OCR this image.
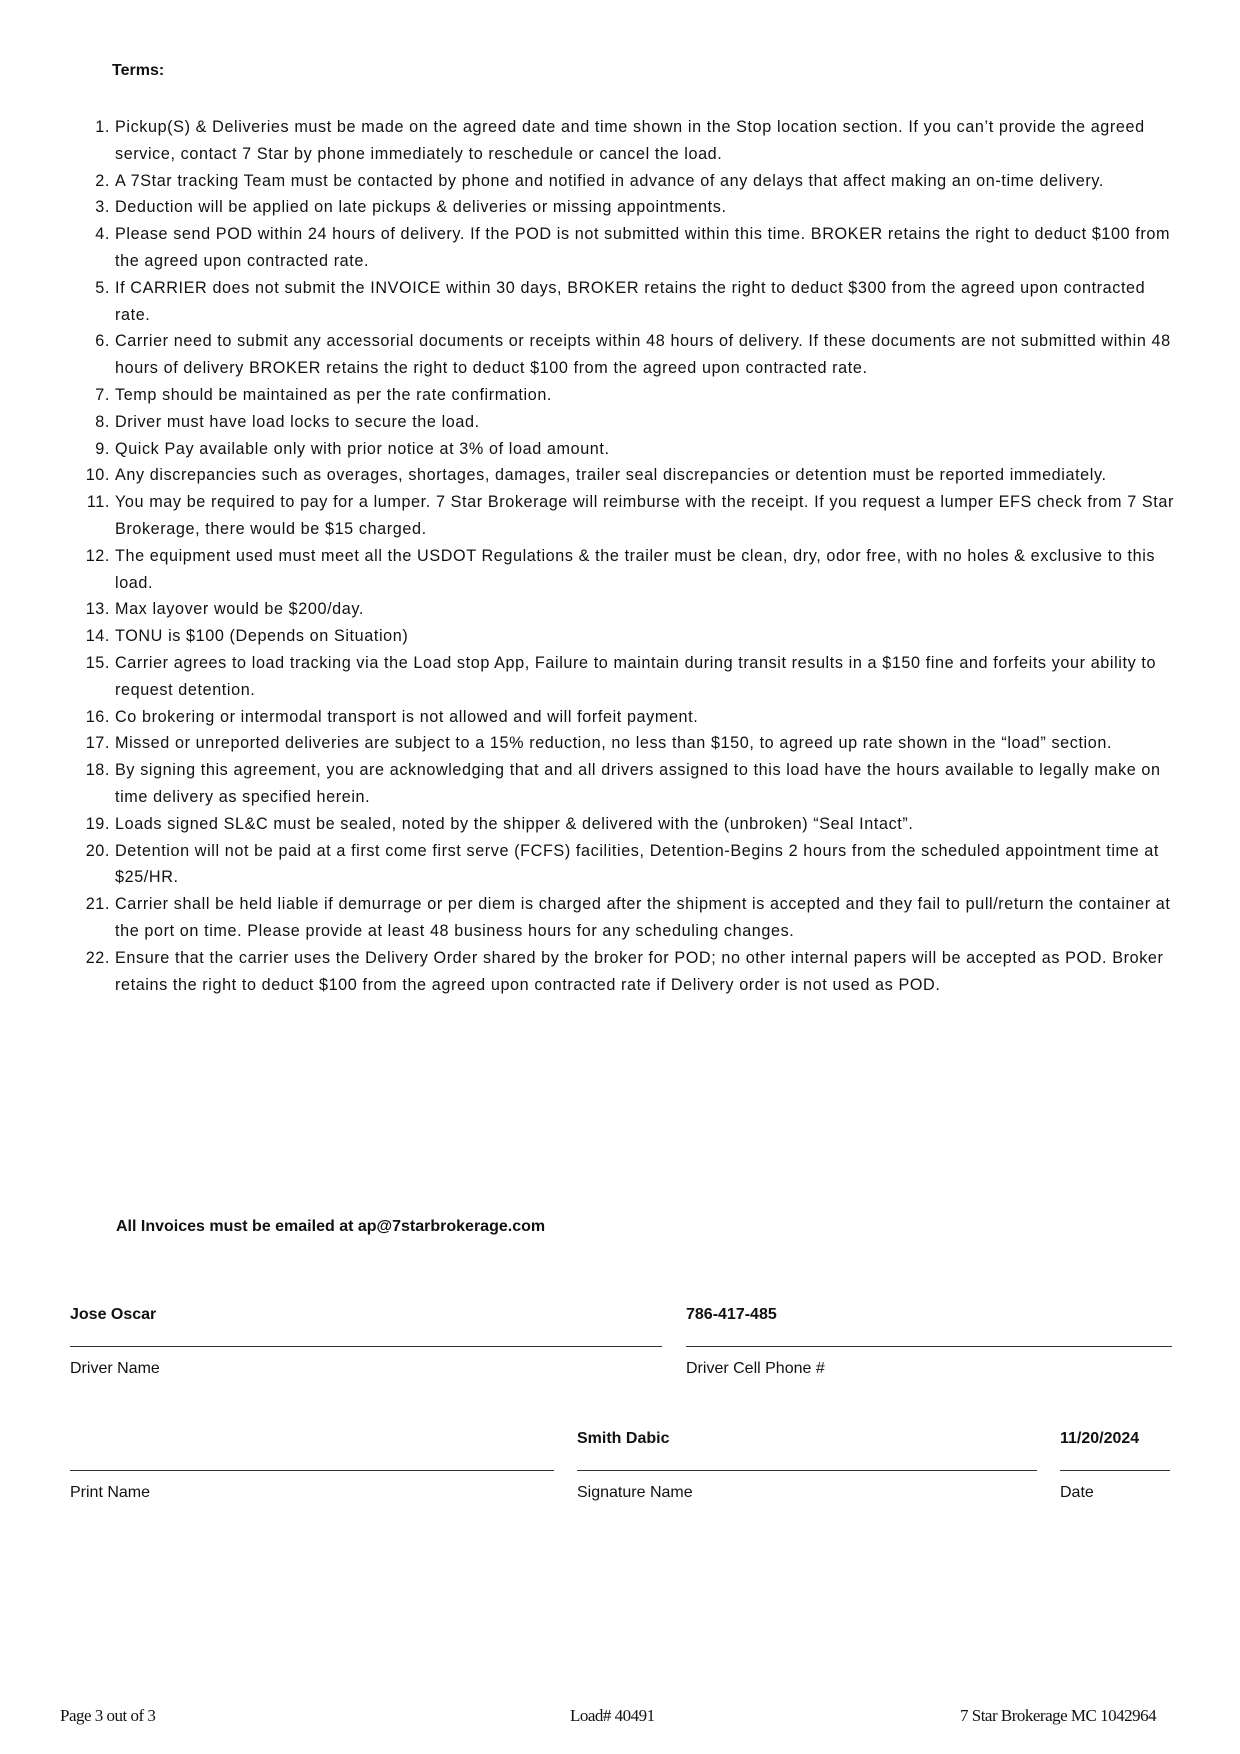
Terms:
1. Pickup(S) & Deliveries must be made on the agreed date and time shown in the Stop location section. If you can’t provide the agreed service, contact 7 Star by phone immediately to reschedule or cancel the load.
2. A 7Star tracking Team must be contacted by phone and notified in advance of any delays that affect making an on-time delivery.
3. Deduction will be applied on late pickups & deliveries or missing appointments.
4. Please send POD within 24 hours of delivery. If the POD is not submitted within this time. BROKER retains the right to deduct $100 from the agreed upon contracted rate.
5. If CARRIER does not submit the INVOICE within 30 days, BROKER retains the right to deduct $300 from the agreed upon contracted rate.
6. Carrier need to submit any accessorial documents or receipts within 48 hours of delivery. If these documents are not submitted within 48 hours of delivery BROKER retains the right to deduct $100 from the agreed upon contracted rate.
7. Temp should be maintained as per the rate confirmation.
8. Driver must have load locks to secure the load.
9. Quick Pay available only with prior notice at 3% of load amount.
10. Any discrepancies such as overages, shortages, damages, trailer seal discrepancies or detention must be reported immediately.
11. You may be required to pay for a lumper. 7 Star Brokerage will reimburse with the receipt. If you request a lumper EFS check from 7 Star Brokerage, there would be $15 charged.
12. The equipment used must meet all the USDOT Regulations & the trailer must be clean, dry, odor free, with no holes & exclusive to this load.
13. Max layover would be $200/day.
14. TONU is $100 (Depends on Situation)
15. Carrier agrees to load tracking via the Load stop App, Failure to maintain during transit results in a $150 fine and forfeits your ability to request detention.
16. Co brokering or intermodal transport is not allowed and will forfeit payment.
17. Missed or unreported deliveries are subject to a 15% reduction, no less than $150, to agreed up rate shown in the “load” section.
18. By signing this agreement, you are acknowledging that and all drivers assigned to this load have the hours available to legally make on time delivery as specified herein.
19. Loads signed SL&C must be sealed, noted by the shipper & delivered with the (unbroken) “Seal Intact”.
20. Detention will not be paid at a first come first serve (FCFS) facilities, Detention-Begins 2 hours from the scheduled appointment time at $25/HR.
21. Carrier shall be held liable if demurrage or per diem is charged after the shipment is accepted and they fail to pull/return the container at the port on time. Please provide at least 48 business hours for any scheduling changes.
22. Ensure that the carrier uses the Delivery Order shared by the broker for POD; no other internal papers will be accepted as POD. Broker retains the right to deduct $100 from the agreed upon contracted rate if Delivery order is not used as POD.
All Invoices must be emailed at ap@7starbrokerage.com
Jose Oscar
Driver Name
786-417-485
Driver Cell Phone #
Print Name
Smith Dabic
Signature Name
11/20/2024
Date
Page 3 out of 3	Load# 40491	7 Star Brokerage MC 1042964
